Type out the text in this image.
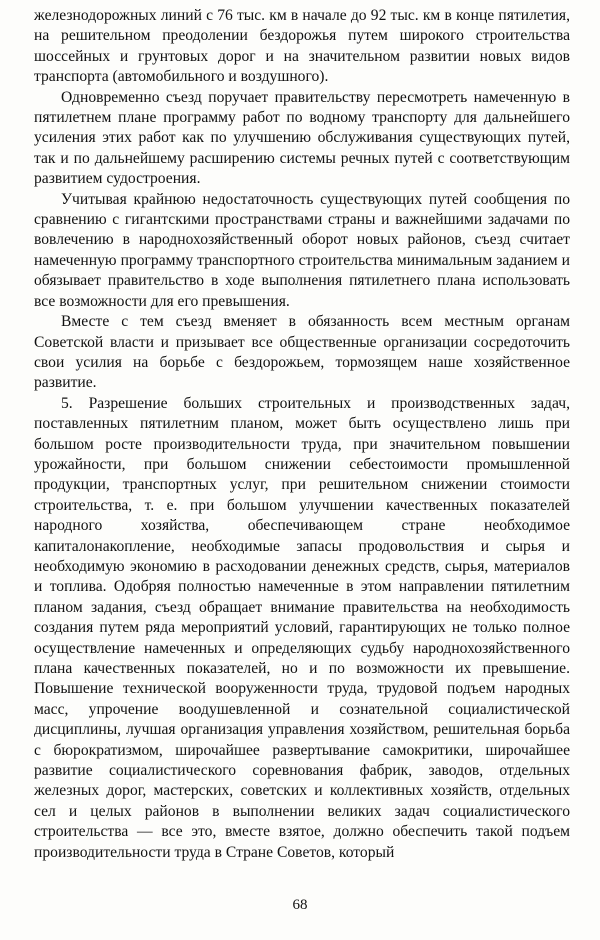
железнодорожных линий с 76 тыс. км в начале до 92 тыс. км в конце пятилетия, на решительном преодолении бездорожья путем широкого строительства шоссейных и грунтовых дорог и на значительном развитии новых видов транспорта (автомобильного и воздушного).

Одновременно съезд поручает правительству пересмотреть намеченную в пятилетнем плане программу работ по водному транспорту для дальнейшего усиления этих работ как по улучшению обслуживания существующих путей, так и по дальнейшему расширению системы речных путей с соответствующим развитием судостроения.

Учитывая крайнюю недостаточность существующих путей сообщения по сравнению с гигантскими пространствами страны и важнейшими задачами по вовлечению в народнохозяйственный оборот новых районов, съезд считает намеченную программу транспортного строительства минимальным заданием и обязывает правительство в ходе выполнения пятилетнего плана использовать все возможности для его превышения.

Вместе с тем съезд вменяет в обязанность всем местным органам Советской власти и призывает все общественные организации сосредоточить свои усилия на борьбе с бездорожьем, тормозящем наше хозяйственное развитие.

5. Разрешение больших строительных и производственных задач, поставленных пятилетним планом, может быть осуществлено лишь при большом росте производительности труда, при значительном повышении урожайности, при большом снижении себестоимости промышленной продукции, транспортных услуг, при решительном снижении стоимости строительства, т. е. при большом улучшении качественных показателей народного хозяйства, обеспечивающем стране необходимое капиталонакопление, необходимые запасы продовольствия и сырья и необходимую экономию в расходовании денежных средств, сырья, материалов и топлива. Одобряя полностью намеченные в этом направлении пятилетним планом задания, съезд обращает внимание правительства на необходимость создания путем ряда мероприятий условий, гарантирующих не только полное осуществление намеченных и определяющих судьбу народнохозяйственного плана качественных показателей, но и по возможности их превышение. Повышение технической вооруженности труда, трудовой подъем народных масс, упрочение воодушевленной и сознательной социалистической дисциплины, лучшая организация управления хозяйством, решительная борьба с бюрократизмом, широчайшее развертывание самокритики, широчайшее развитие социалистического соревнования фабрик, заводов, отдельных железных дорог, мастерских, советских и коллективных хозяйств, отдельных сел и целых районов в выполнении великих задач социалистического строительства — все это, вместе взятое, должно обеспечить такой подъем производительности труда в Стране Советов, который

68
